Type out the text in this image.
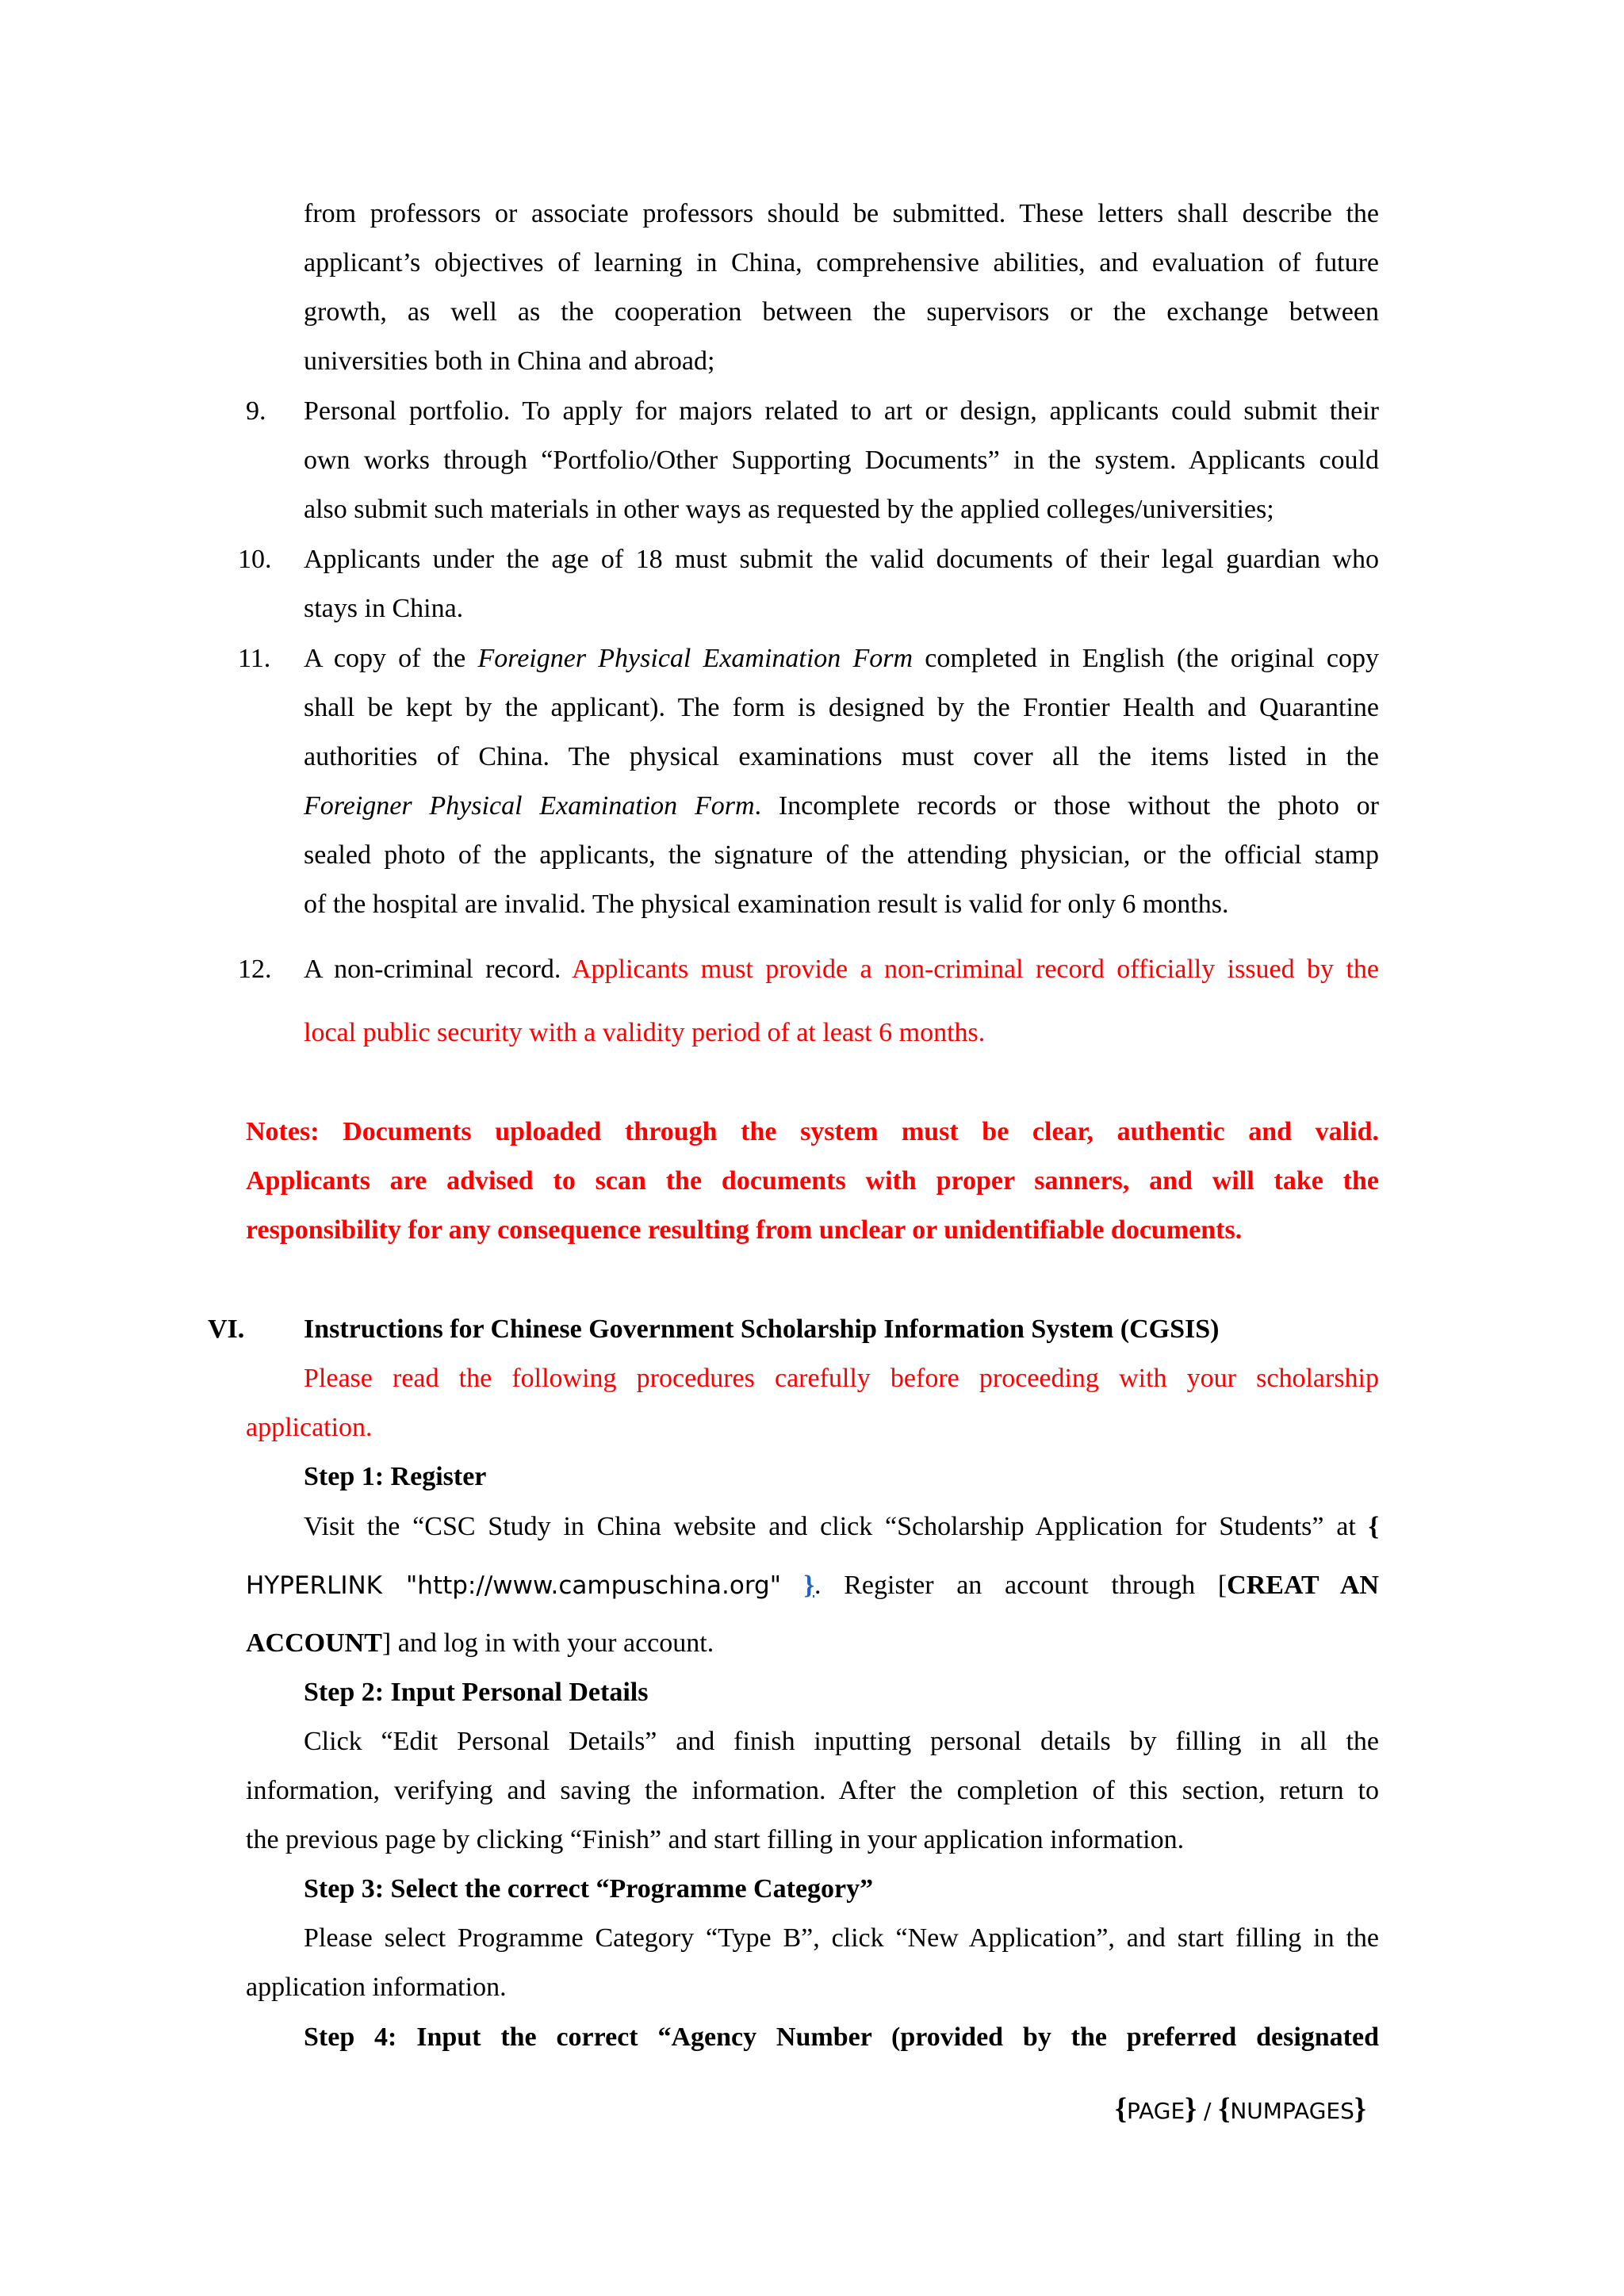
from professors or associate professors should be submitted. These letters shall describe the
applicant’s objectives of learning in China, comprehensive abilities, and evaluation of future
growth, as well as the cooperation between the supervisors or the exchange between
universities both in China and abroad;
9. Personal portfolio. To apply for majors related to art or design, applicants could submit their
own works through “Portfolio/Other Supporting Documents” in the system. Applicants could
also submit such materials in other ways as requested by the applied colleges/universities;
10. Applicants under the age of 18 must submit the valid documents of their legal guardian who
stays in China.
11. A copy of the Foreigner Physical Examination Form completed in English (the original copy
shall be kept by the applicant). The form is designed by the Frontier Health and Quarantine
authorities of China. The physical examinations must cover all the items listed in the
Foreigner Physical Examination Form. Incomplete records or those without the photo or
sealed photo of the applicants, the signature of the attending physician, or the official stamp
of the hospital are invalid. The physical examination result is valid for only 6 months.
12. A non-criminal record. Applicants must provide a non-criminal record officially issued by the
local public security with a validity period of at least 6 months.
Notes: Documents uploaded through the system must be clear, authentic and valid.
Applicants are advised to scan the documents with proper sanners, and will take the
responsibility for any consequence resulting from unclear or unidentifiable documents.
VI. Instructions for Chinese Government Scholarship Information System (CGSIS)
Please read the following procedures carefully before proceeding with your scholarship
application.
Step 1: Register
Visit the “CSC Study in China website and click “Scholarship Application for Students” at {
HYPERLINK "http://www.campuschina.org" }. Register an account through [CREAT AN
ACCOUNT] and log in with your account.
Step 2: Input Personal Details
Click “Edit Personal Details” and finish inputting personal details by filling in all the
information, verifying and saving the information. After the completion of this section, return to
the previous page by clicking “Finish” and start filling in your application information.
Step 3: Select the correct “Programme Category”
Please select Programme Category “Type B”, click “New Application”, and start filling in the
application information.
Step 4: Input the correct “Agency Number (provided by the preferred designated
{PAGE} / {NUMPAGES}
